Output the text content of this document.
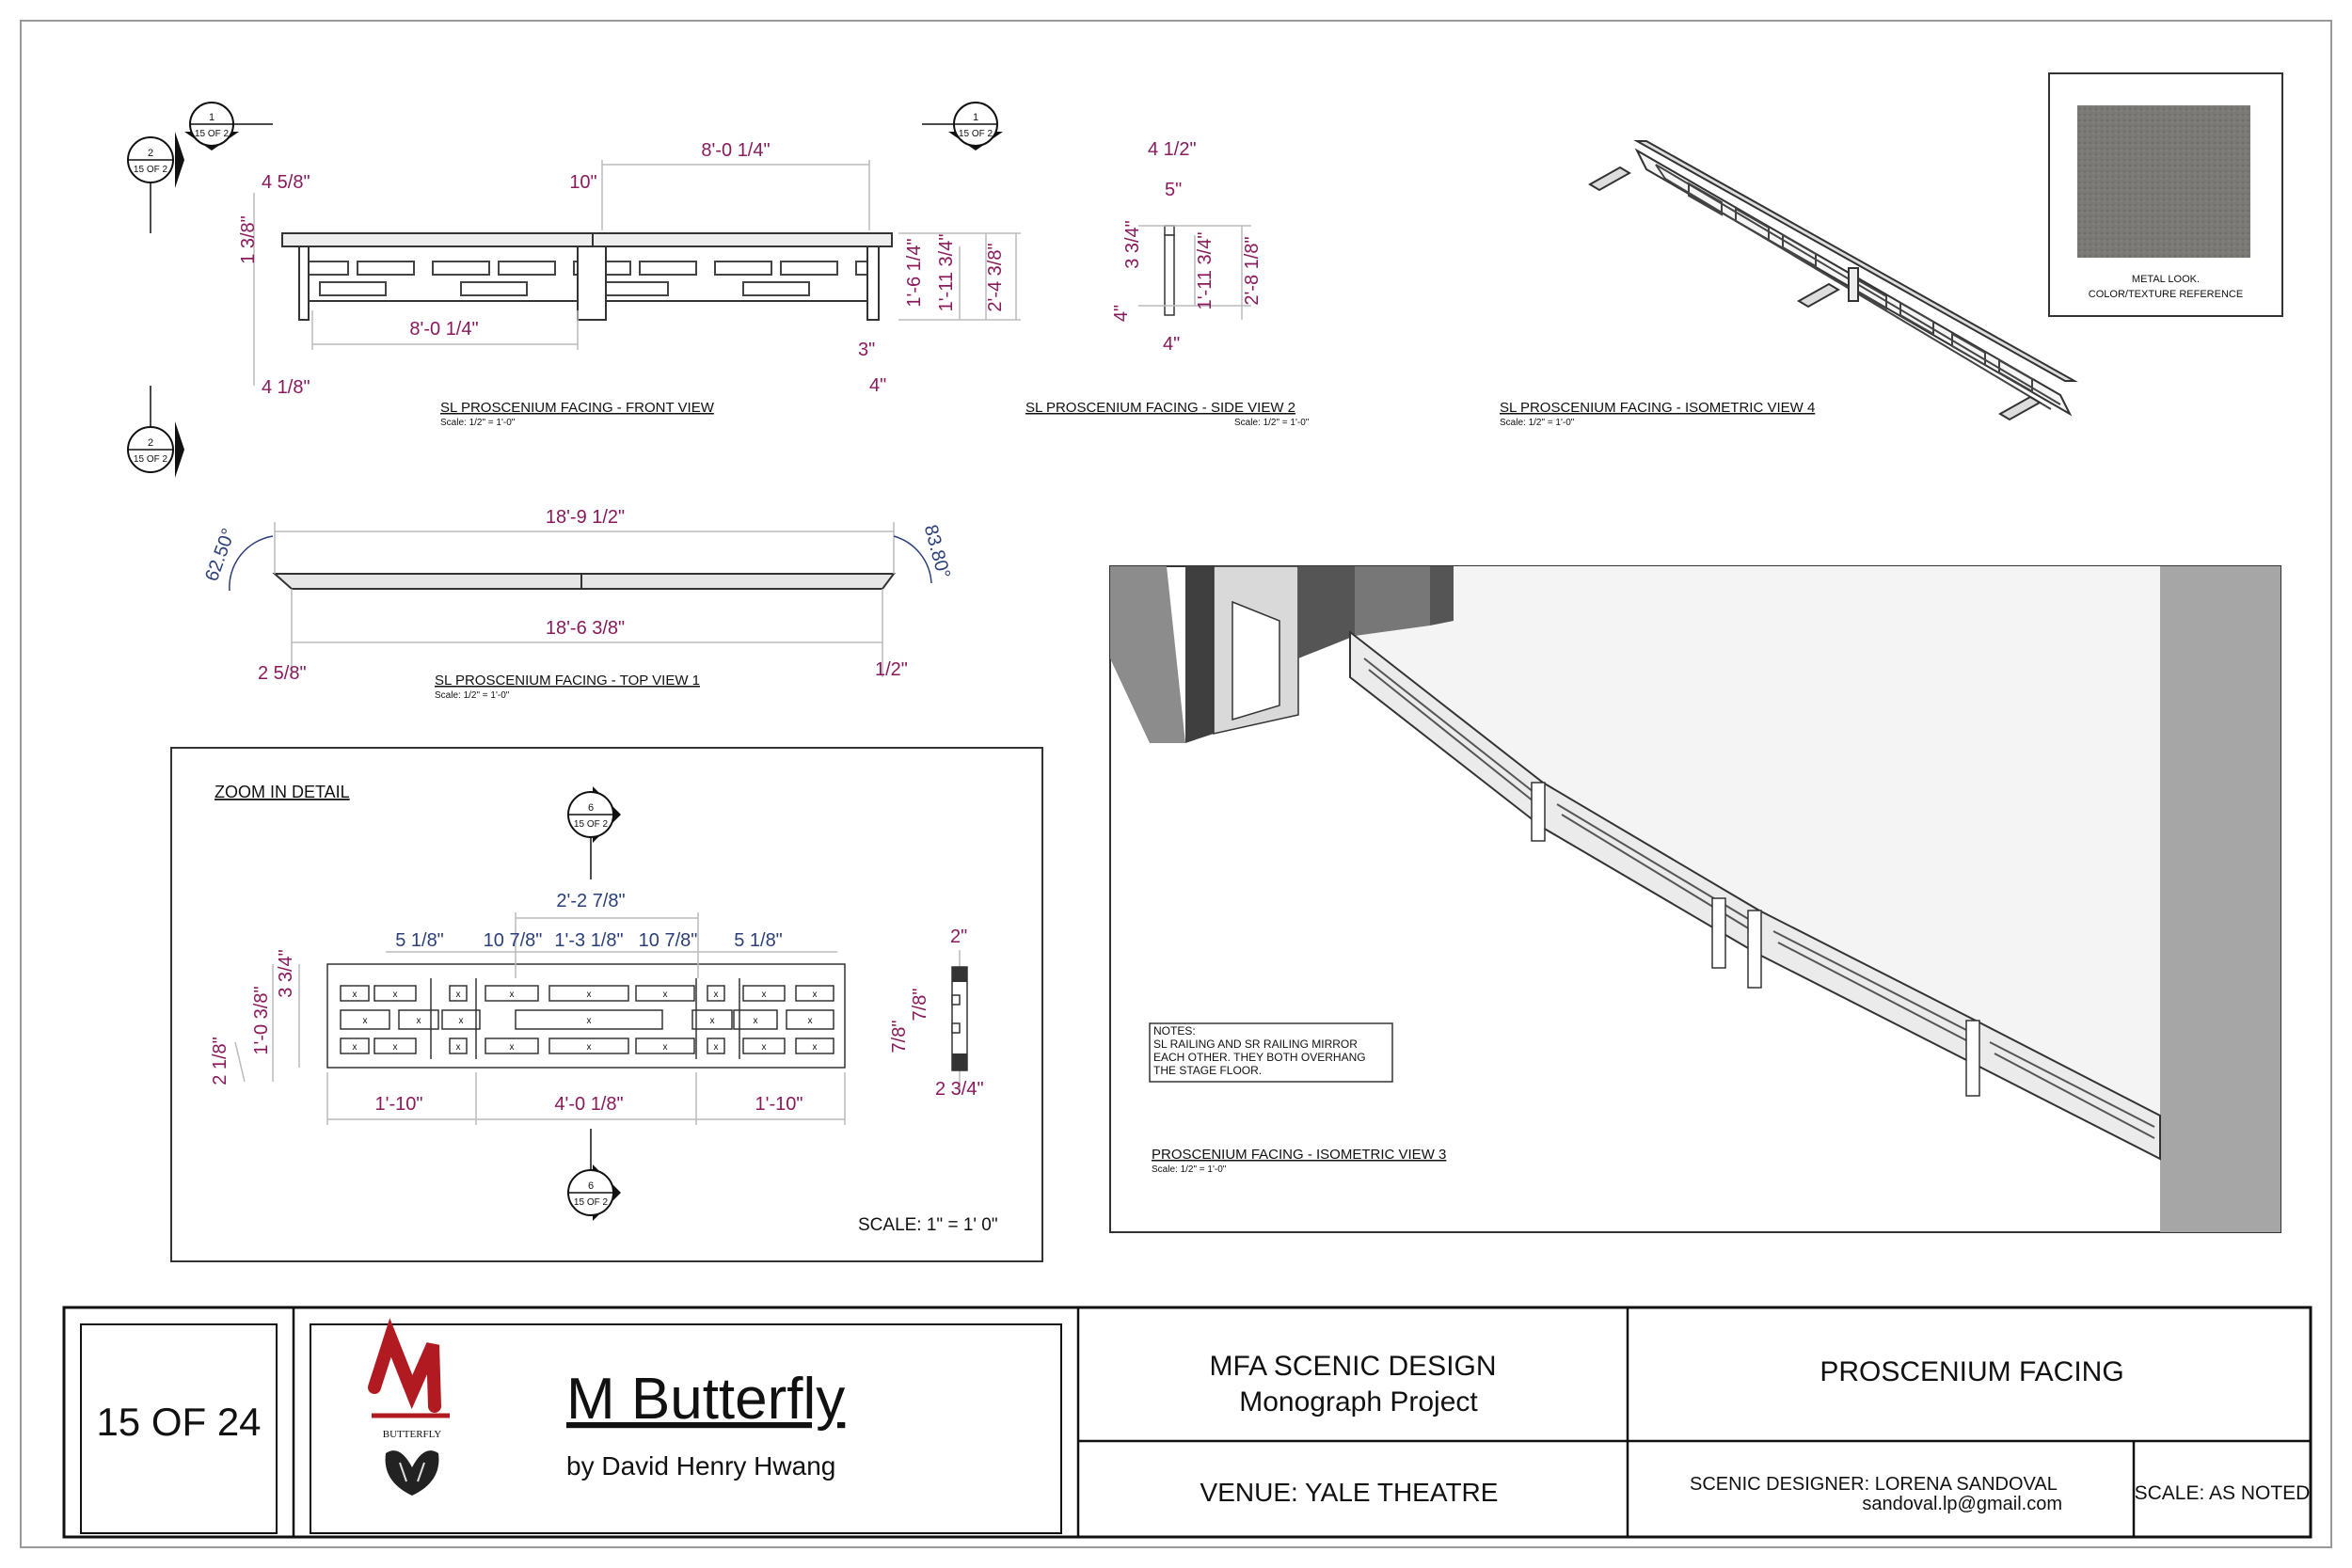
1
15 OF 2
1
15 OF 2
2
15 OF 2
2
15 OF 2
8'-0 1/4"
8'-0 1/4"
4 5/8"	10"
4 1/8"
1 3/8"	1'-6 1/4" 1'-11 3/4" 2'-4 3/8"
3"
4"
SL PROSCENIUM FACING - FRONT VIEW
Scale: 1/2" = 1'-0"
4 1/2"
5"
3 3/4"
4"
4"
1'-11 3/4" 2'-8 1/8"
SL PROSCENIUM FACING - SIDE VIEW 2
Scale: 1/2" = 1'-0"
SL PROSCENIUM FACING - ISOMETRIC VIEW 4
Scale: 1/2" = 1'-0"
METAL LOOK.
COLOR/TEXTURE REFERENCE
18'-9 1/2"
18'-6 3/8"
62.50°	83.80°
2 5/8"	1/2"
SL PROSCENIUM FACING - TOP VIEW 1
Scale: 1/2" = 1'-0"
ZOOM IN DETAIL
6
15 OF 2
6
15 OF 2
x	x	x	x	x	x	x	x	x
x	x	x	x	x	x	x
x	x	x	x	x	x	x	x	x
2'-2 7/8"
5 1/8" 10 7/8" 1'-3 1/8" 10 7/8" 5 1/8"
3 3/4"
1'-0 3/8"
2 1/8"
1'-10"	4'-0 1/8"	1'-10"
2"
7/8"
7/8"
2 3/4"
SCALE: 1" = 1' 0"
NOTES:
SL RAILING AND SR RAILING MIRROR
EACH OTHER. THEY BOTH OVERHANG
THE STAGE FLOOR.
PROSCENIUM FACING - ISOMETRIC VIEW 3
Scale: 1/2" = 1'-0"
15 OF 24	BUTTERFLY
M Butterfly
by David Henry Hwang
MFA SCENIC DESIGN
Monograph Project
VENUE: YALE THEATRE
PROSCENIUM FACING
SCENIC DESIGNER: LORENA SANDOVAL
sandoval.lp@gmail.com	SCALE: AS NOTED
